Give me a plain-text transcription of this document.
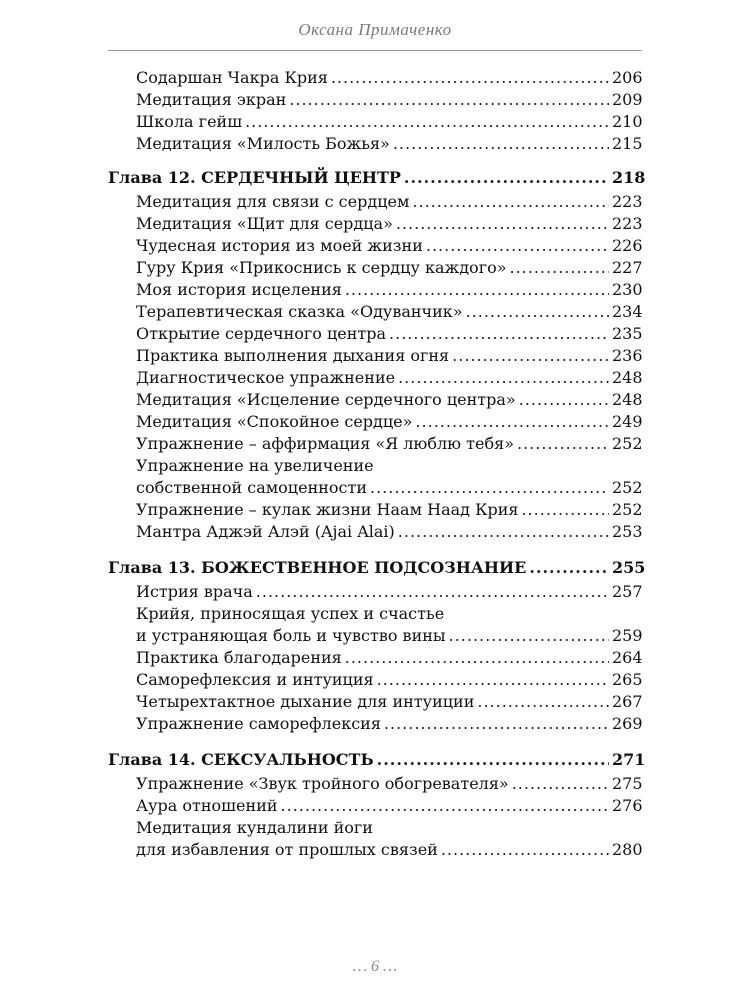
Оксана Примаченко
Содаршан Чакра Крия .....	206
Медитация экран .....	209
Школа гейш .....	210
Медитация «Милость Божья» .....	215
Глава 12. СЕРДЕЧНЫЙ ЦЕНТР .....	218
Медитация для связи с сердцем .....	223
Медитация «Щит для сердца» .....	223
Чудесная история из моей жизни .....	226
Гуру Крия «Прикоснись к сердцу каждого» .....	227
Моя история исцеления .....	230
Терапевтическая сказка «Одуванчик» .....	234
Открытие сердечного центра .....	235
Практика выполнения дыхания огня .....	236
Диагностическое упражнение .....	248
Медитация «Исцеление сердечного центра» .....	248
Медитация «Спокойное сердце» .....	249
Упражнение – аффирмация «Я люблю тебя» .....	252
Упражнение на увеличение
собственной самоценности .....	252
Упражнение – кулак жизни Наам Наад Крия .....	252
Мантра Аджэй Алэй (Ajai Alai) .....	253
Глава 13. БОЖЕСТВЕННОЕ ПОДСОЗНАНИЕ .....	255
Истрия врача .....	257
Крийя, приносящая успех и счастье
и устраняющая боль и чувство вины .....	259
Практика благодарения .....	264
Саморефлексия и интуиция .....	265
Четырехтактное дыхание для интуиции .....	267
Упражнение саморефлексия .....	269
Глава 14. СЕКСУАЛЬНОСТЬ .....	271
Упражнение «Звук тройного обогревателя» .....	275
Аура отношений .....	276
Медитация кундалини йоги
для избавления от прошлых связей .....	280
… 6 …
